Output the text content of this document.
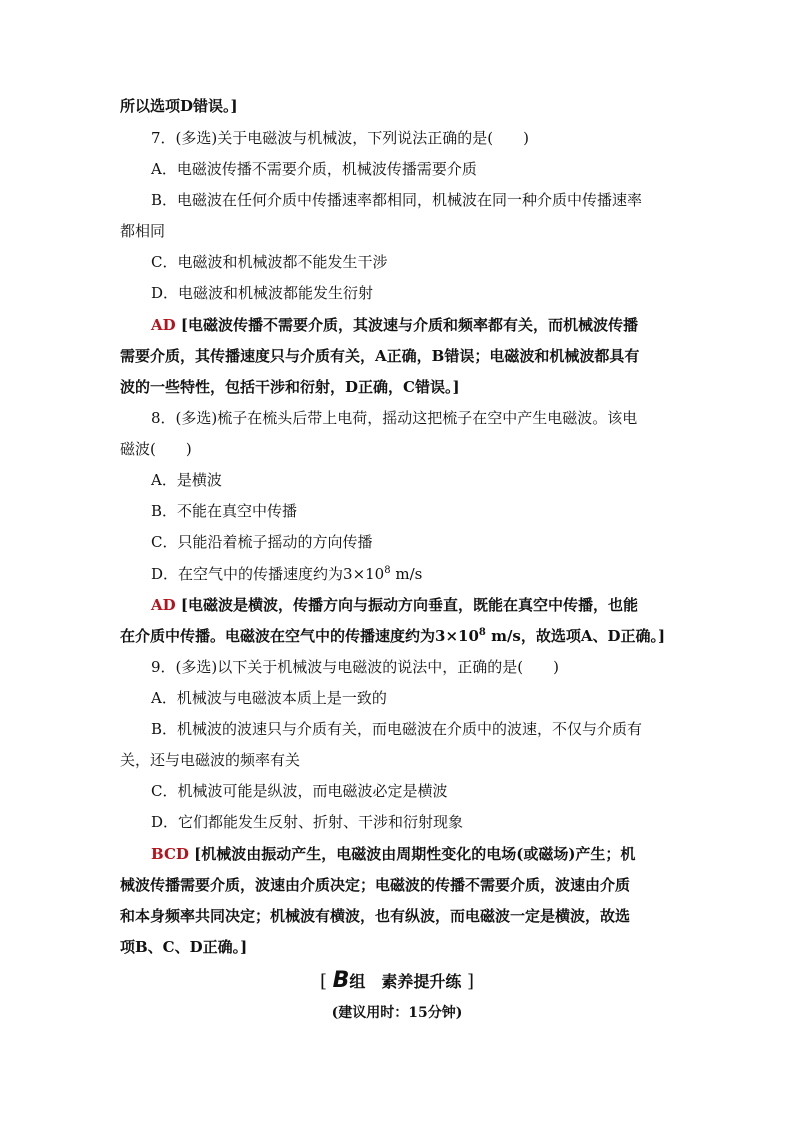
所以选项D错误。]
7．(多选)关于电磁波与机械波，下列说法正确的是(　　)
A．电磁波传播不需要介质，机械波传播需要介质
B．电磁波在任何介质中传播速率都相同，机械波在同一种介质中传播速率
都相同
C．电磁波和机械波都不能发生干涉
D．电磁波和机械波都能发生衍射
AD [电磁波传播不需要介质，其波速与介质和频率都有关，而机械波传播
需要介质，其传播速度只与介质有关，A正确，B错误；电磁波和机械波都具有
波的一些特性，包括干涉和衍射，D正确，C错误。]
8．(多选)梳子在梳头后带上电荷，摇动这把梳子在空中产生电磁波。该电
磁波(　　)
A．是横波
B．不能在真空中传播
C．只能沿着梳子摇动的方向传播
D．在空气中的传播速度约为$3\times 10^8$ m/s
AD [电磁波是横波，传播方向与振动方向垂直，既能在真空中传播，也能
在介质中传播。电磁波在空气中的传播速度约为$3\times 10^8$ m/s，故选项A、D正确。]
9．(多选)以下关于机械波与电磁波的说法中，正确的是(　　)
A．机械波与电磁波本质上是一致的
B．机械波的波速只与介质有关，而电磁波在介质中的波速，不仅与介质有
关，还与电磁波的频率有关
C．机械波可能是纵波，而电磁波必定是横波
D．它们都能发生反射、折射、干涉和衍射现象
BCD [机械波由振动产生，电磁波由周期性变化的电场(或磁场)产生；机
械波传播需要介质，波速由介质决定；电磁波的传播不需要介质，波速由介质
和本身频率共同决定；机械波有横波，也有纵波，而电磁波一定是横波，故选
项B、C、D正确。]
[ B组　素养提升练 ]
(建议用时：15分钟)
